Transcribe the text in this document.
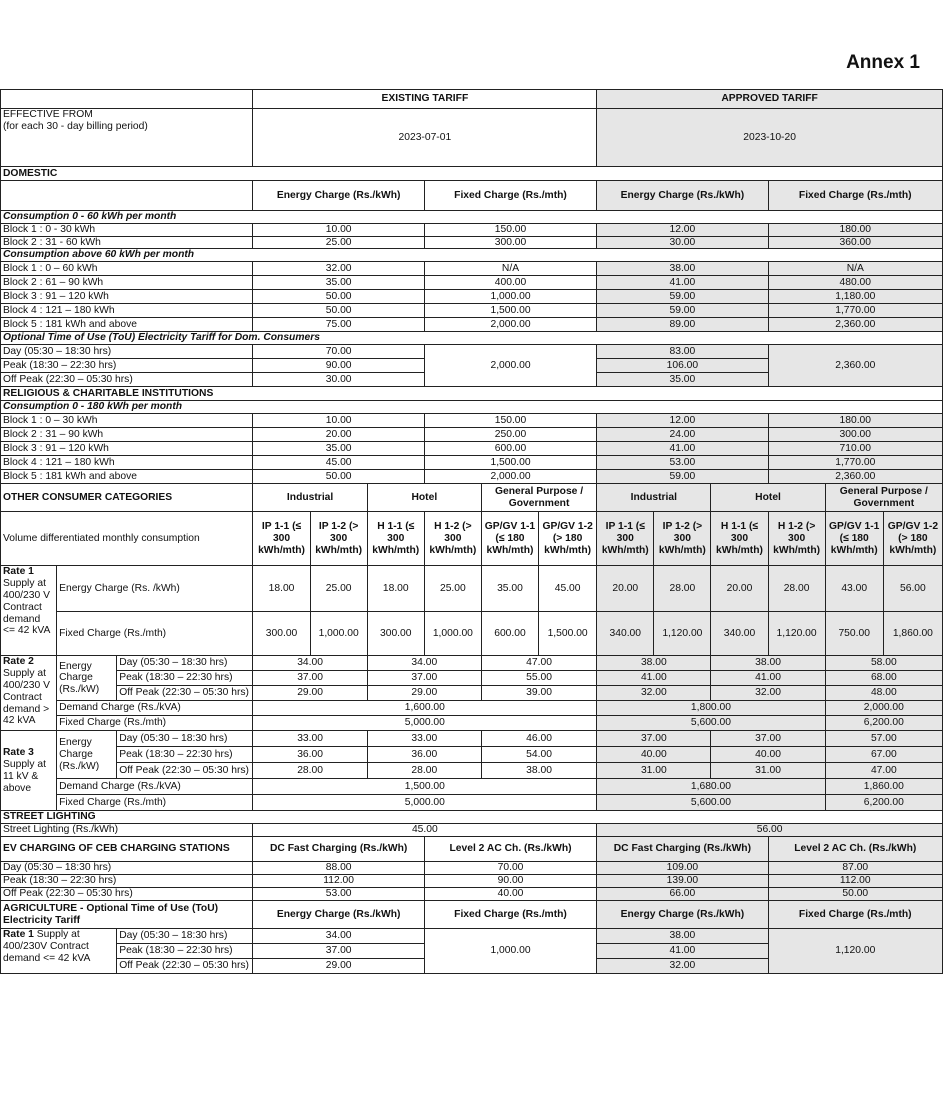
Annex 1
			EXISTING TARIFF						APPROVED TARIFF					

EFFECTIVE FROM
(for each 30 - day billing period)			2023-07-01						2023-10-20					
DOMESTIC														
			Energy Charge (Rs./kWh)			Fixed Charge (Rs./mth)			Energy Charge (Rs./kWh)			Fixed Charge (Rs./mth)		
Consumption 0 - 60 kWh per month														
Block 1 : 0 - 30 kWh			10.00			150.00			12.00			180.00		
Block 2 : 31 - 60 kWh			25.00			300.00			30.00			360.00		
Consumption above 60 kWh per month														
Block 1 : 0 – 60 kWh			32.00			N/A			38.00			N/A		
Block 2 : 61 – 90 kWh			35.00			400.00			41.00			480.00		
Block 3 : 91 – 120 kWh			50.00			1,000.00			59.00			1,180.00		
Block 4 : 121 – 180 kWh			50.00			1,500.00			59.00			1,770.00		
Block 5 : 181 kWh and above			75.00			2,000.00			89.00			2,360.00		
Optional Time of Use (ToU) Electricity Tariff for Dom. Consumers														
Day (05:30 – 18:30 hrs)			70.00			2,000.00			83.00			2,360.00		
Peak (18:30 – 22:30 hrs)			90.00						106.00					
Off Peak (22:30 – 05:30 hrs)			30.00						35.00					
RELIGIOUS & CHARITABLE INSTITUTIONS														
Consumption 0 - 180 kWh per month														
Block 1 : 0 – 30 kWh			10.00			150.00			12.00			180.00		
Block 2 : 31 – 90 kWh			20.00			250.00			24.00			300.00		
Block 3 : 91 – 120 kWh			35.00			600.00			41.00			710.00		
Block 4 : 121 – 180 kWh			45.00			1,500.00			53.00			1,770.00		
Block 5 : 181 kWh and above			50.00			2,000.00			59.00			2,360.00		
OTHER CONSUMER CATEGORIES			Industrial		Hotel		General Purpose / Government		Industrial		Hotel		General Purpose / Government	
Volume differentiated monthly consumption			IP 1-1 (≤ 300 kWh/mth)	IP 1-2 (> 300 kWh/mth)	H 1-1 (≤ 300 kWh/mth)	H 1-2 (> 300 kWh/mth)	GP/GV 1-1 (≤ 180 kWh/mth)	GP/GV 1-2 (> 180 kWh/mth)	IP 1-1 (≤ 300 kWh/mth)	IP 1-2 (> 300 kWh/mth)	H 1-1 (≤ 300 kWh/mth)	H 1-2 (> 300 kWh/mth)	GP/GV 1-1 (≤ 180 kWh/mth)	GP/GV 1-2 (> 180 kWh/mth)
Rate 1
Supply at 400/230 V Contract demand <= 42 kVA	Energy Charge (Rs. /kWh)		18.00	25.00	18.00	25.00	35.00	45.00	20.00	28.00	20.00	28.00	43.00	56.00
	Fixed Charge (Rs./mth)		300.00	1,000.00	300.00	1,000.00	600.00	1,500.00	340.00	1,120.00	340.00	1,120.00	750.00	1,860.00
Rate 2
Supply at 400/230 V Contract demand > 42 kVA	Energy Charge (Rs./kW)	Day (05:30 – 18:30 hrs)	34.00		34.00		47.00		38.00		38.00		58.00	
		Peak (18:30 – 22:30 hrs)	37.00		37.00		55.00		41.00		41.00		68.00	
		Off Peak (22:30 – 05:30 hrs)	29.00		29.00		39.00		32.00		32.00		48.00	
	Demand Charge (Rs./kVA)		1,600.00						1,800.00				2,000.00	
	Fixed Charge (Rs./mth)		5,000.00						5,600.00				6,200.00	
Rate 3
Supply at 11 kV & above	Energy Charge (Rs./kW)	Day (05:30 – 18:30 hrs)	33.00		33.00		46.00		37.00		37.00		57.00	
		Peak (18:30 – 22:30 hrs)	36.00		36.00		54.00		40.00		40.00		67.00	
		Off Peak (22:30 – 05:30 hrs)	28.00		28.00		38.00		31.00		31.00		47.00	
	Demand Charge (Rs./kVA)		1,500.00						1,680.00				1,860.00	
	Fixed Charge (Rs./mth)		5,000.00						5,600.00				6,200.00	
STREET LIGHTING														
Street Lighting (Rs./kWh)			45.00						56.00					
EV CHARGING OF CEB CHARGING STATIONS			DC Fast Charging (Rs./kWh)			Level 2 AC Ch. (Rs./kWh)			DC Fast Charging (Rs./kWh)			Level 2 AC Ch. (Rs./kWh)		
Day (05:30 – 18:30 hrs)			88.00			70.00			109.00			87.00		
Peak (18:30 – 22:30 hrs)			112.00			90.00			139.00			112.00		
Off Peak (22:30 – 05:30 hrs)			53.00			40.00			66.00			50.00		
AGRICULTURE - Optional Time of Use (ToU) Electricity Tariff			Energy Charge (Rs./kWh)			Fixed Charge (Rs./mth)			Energy Charge (Rs./kWh)			Fixed Charge (Rs./mth)		
Rate 1 Supply at 400/230V Contract demand <= 42 kVA		Day (05:30 – 18:30 hrs)	34.00			1,000.00			38.00			1,120.00		
		Peak (18:30 – 22:30 hrs)	37.00						41.00					
		Off Peak (22:30 – 05:30 hrs)	29.00						32.00					
